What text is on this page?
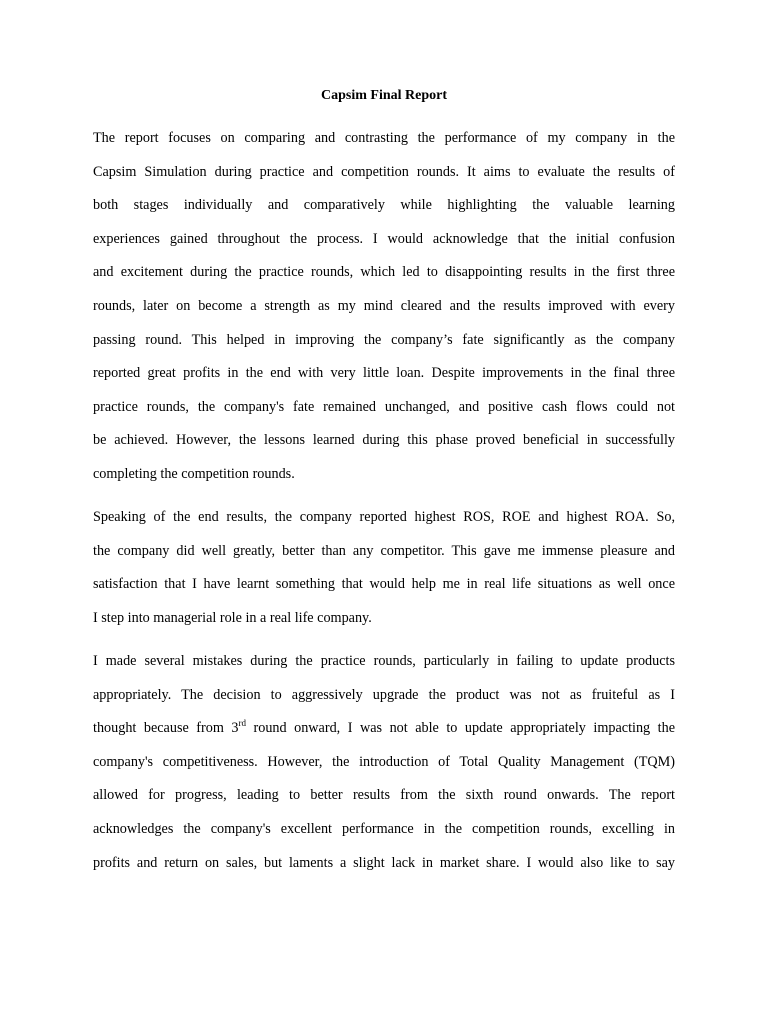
Capsim Final Report
The report focuses on comparing and contrasting the performance of my company in the
Capsim Simulation during practice and competition rounds. It aims to evaluate the results of
both stages individually and comparatively while highlighting the valuable learning
experiences gained throughout the process. I would acknowledge that the initial confusion
and excitement during the practice rounds, which led to disappointing results in the first three
rounds, later on become a strength as my mind cleared and the results improved with every
passing round. This helped in improving the company’s fate significantly as the company
reported great profits in the end with very little loan. Despite improvements in the final three
practice rounds, the company's fate remained unchanged, and positive cash flows could not
be achieved. However, the lessons learned during this phase proved beneficial in successfully
completing the competition rounds.
Speaking of the end results, the company reported highest ROS, ROE and highest ROA. So,
the company did well greatly, better than any competitor. This gave me immense pleasure and
satisfaction that I have learnt something that would help me in real life situations as well once
I step into managerial role in a real life company.
I made several mistakes during the practice rounds, particularly in failing to update products
appropriately. The decision to aggressively upgrade the product was not as fruiteful as I
thought because from 3rd round onward, I was not able to update appropriately impacting the
company's competitiveness. However, the introduction of Total Quality Management (TQM)
allowed for progress, leading to better results from the sixth round onwards. The report
acknowledges the company's excellent performance in the competition rounds, excelling in
profits and return on sales, but laments a slight lack in market share. I would also like to say
